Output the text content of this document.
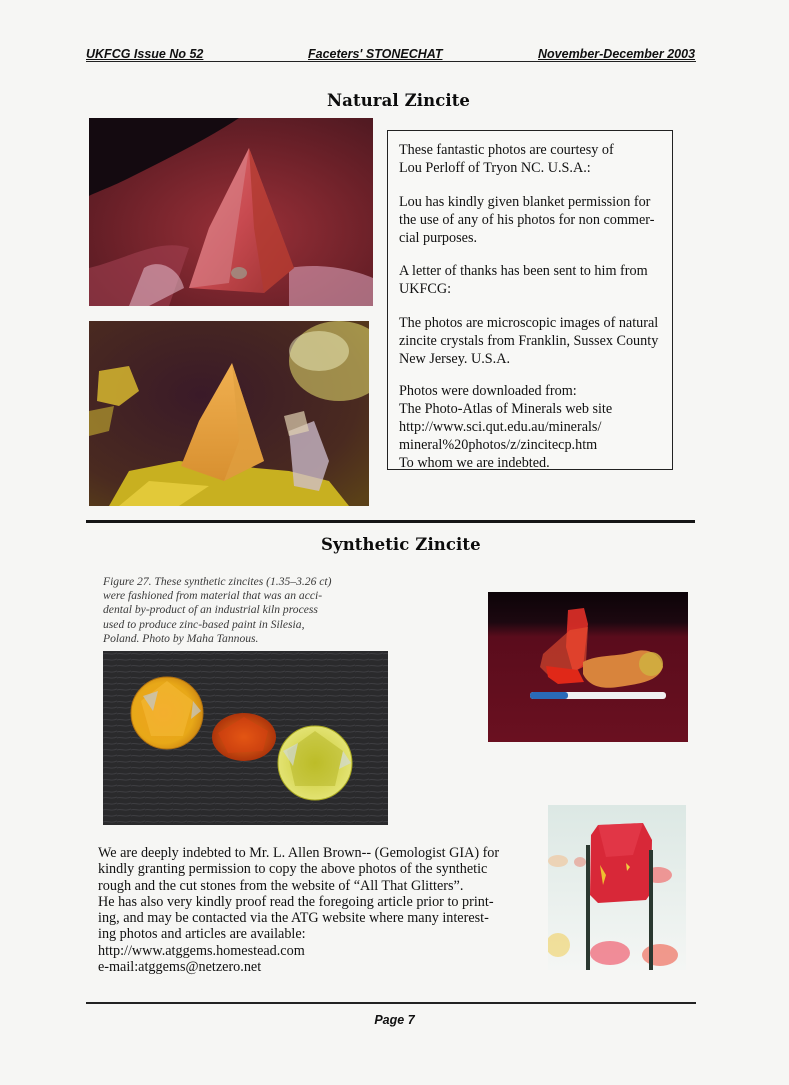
UKFCG Issue No 52	Faceters' STONECHAT	November-December 2003
Natural Zincite

These fantastic photos are courtesy of

Lou Perloff of Tryon NC. U.S.A.:

Lou has kindly given blanket permission for

the use of any of his photos for non commer-

cial purposes.

A letter of thanks has been sent to him from

UKFCG:

The photos are microscopic images of natural

zincite crystals from Franklin, Sussex County

New Jersey. U.S.A.

Photos were downloaded from:

The Photo-Atlas of Minerals web site

http://www.sci.qut.edu.au/minerals/

mineral%20photos/z/zincitecp.htm

To whom we are indebted.

Synthetic Zincite
Figure 27. These synthetic zincites (1.35–3.26 ct)
were fashioned from material that was an acci-
dental by-product of an industrial kiln process
used to produce zinc-based paint in Silesia,
Poland. Photo by Maha Tannous.
We are deeply indebted to Mr. L. Allen Brown-- (Gemologist GIA) for
kindly granting permission to copy the above photos of the synthetic
rough and the cut stones from the website of “All That Glitters”.
He has also very kindly proof read the foregoing article prior to print-
ing, and may be contacted via the ATG website where many interest-
ing photos and articles are available:
http://www.atggems.homestead.com
e-mail:atggems@netzero.net
Page 7
